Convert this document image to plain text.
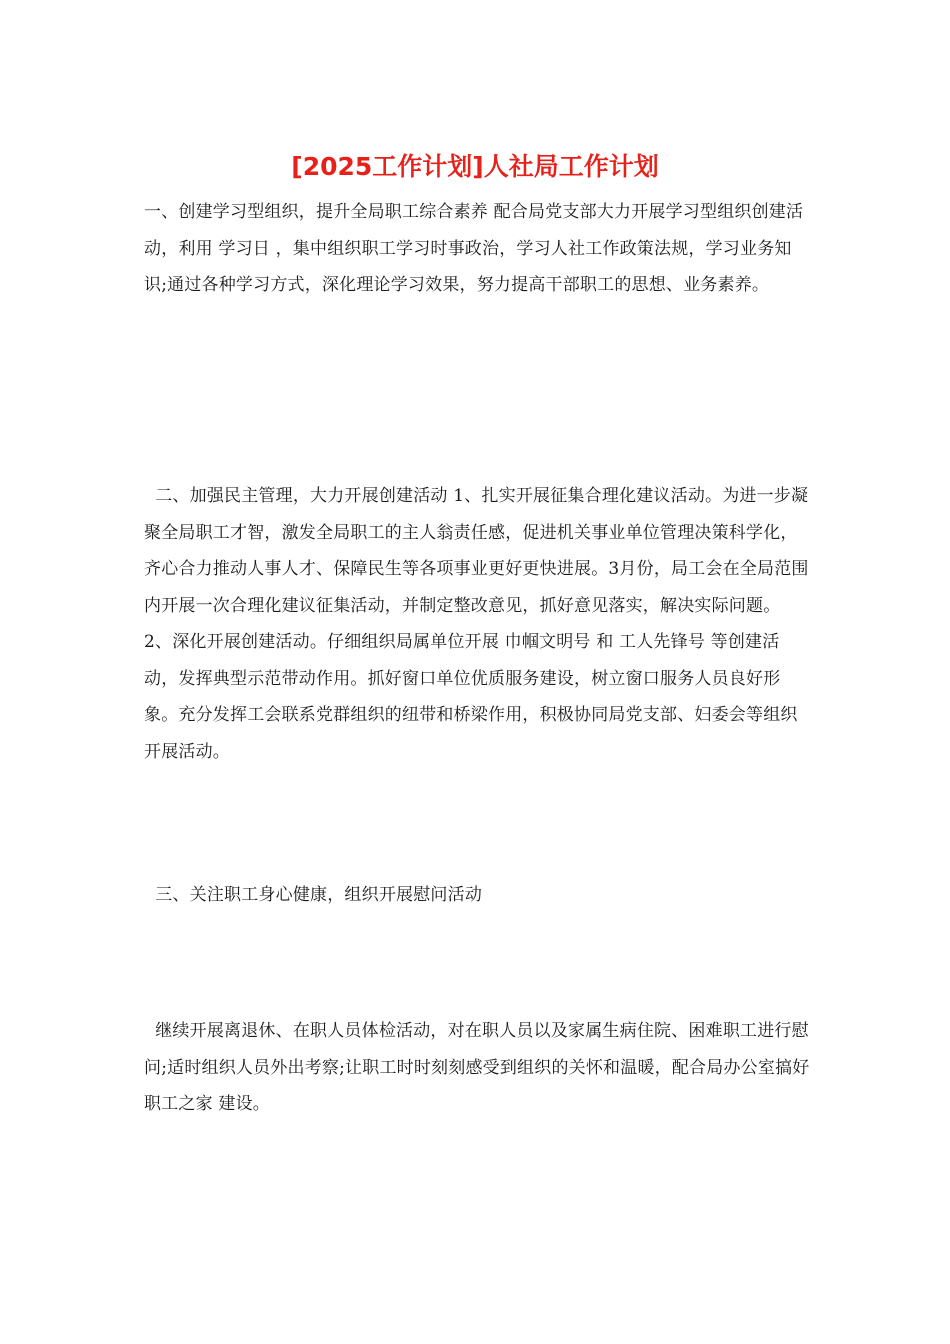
[2025工作计划]人社局工作计划

一、创建学习型组织，提升全局职工综合素养 配合局党支部大力开展学习型组织创建活动，利用 学习日 ，集中组织职工学习时事政治，学习人社工作政策法规，学习业务知识;通过各种学习方式，深化理论学习效果，努力提高干部职工的思想、业务素养。

二、加强民主管理，大力开展创建活动 1、扎实开展征集合理化建议活动。为进一步凝聚全局职工才智，激发全局职工的主人翁责任感，促进机关事业单位管理决策科学化，齐心合力推动人事人才、保障民生等各项事业更好更快进展。3月份，局工会在全局范围内开展一次合理化建议征集活动，并制定整改意见，抓好意见落实，解决实际问题。 2、深化开展创建活动。仔细组织局属单位开展 巾帼文明号 和 工人先锋号 等创建活动，发挥典型示范带动作用。抓好窗口单位优质服务建设，树立窗口服务人员良好形象。充分发挥工会联系党群组织的纽带和桥梁作用，积极协同局党支部、妇委会等组织开展活动。

三、关注职工身心健康，组织开展慰问活动

继续开展离退休、在职人员体检活动，对在职人员以及家属生病住院、困难职工进行慰问;适时组织人员外出考察;让职工时时刻刻感受到组织的关怀和温暖，配合局办公室搞好 职工之家 建设。
